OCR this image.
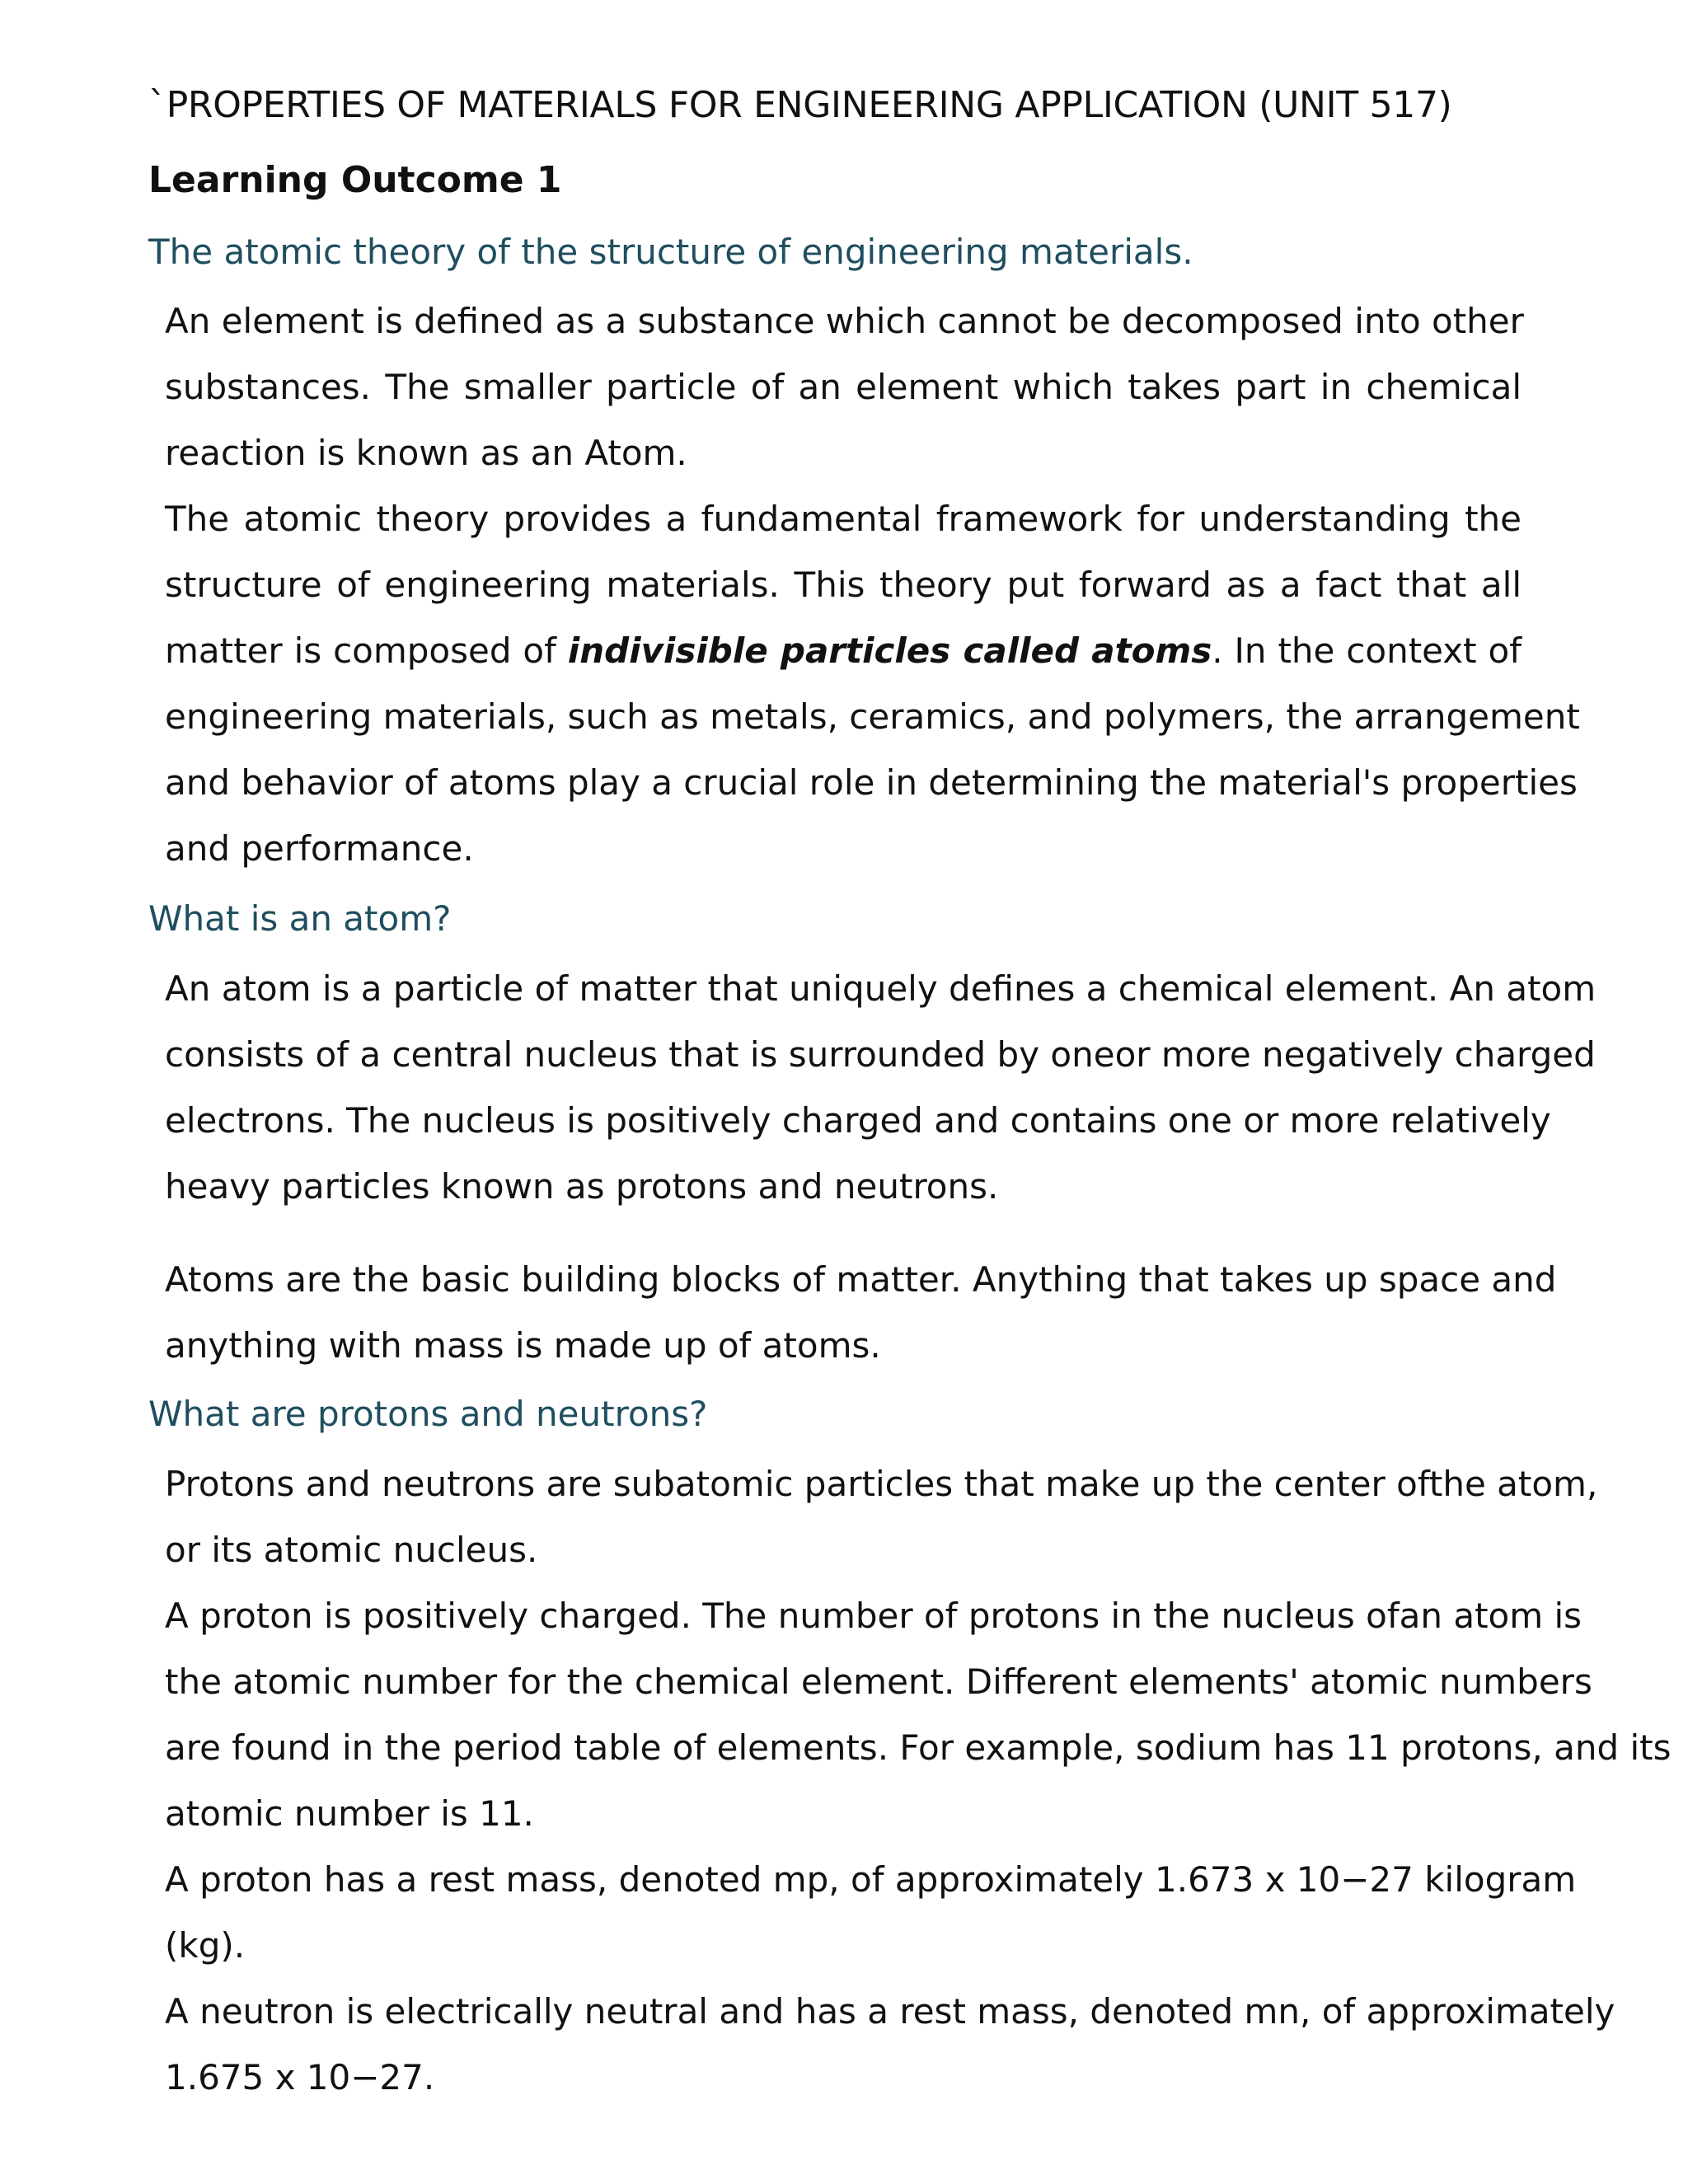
`PROPERTIES OF MATERIALS FOR ENGINEERING APPLICATION (UNIT 517)
Learning Outcome 1
The atomic theory of the structure of engineering materials.
An element is defined as a substance which cannot be decomposed into other
substances. The smaller particle of an element which takes part in chemical
reaction is known as an Atom.
The atomic theory provides a fundamental framework for understanding the
structure of engineering materials. This theory put forward as a fact that all
matter is composed of indivisible particles called atoms. In the context of
engineering materials, such as metals, ceramics, and polymers, the arrangement
and behavior of atoms play a crucial role in determining the material's properties
and performance.
What is an atom?
An atom is a particle of matter that uniquely defines a chemical element. An atom
consists of a central nucleus that is surrounded by oneor more negatively charged
electrons. The nucleus is positively charged and contains one or more relatively
heavy particles known as protons and neutrons.
Atoms are the basic building blocks of matter. Anything that takes up space and
anything with mass is made up of atoms.
What are protons and neutrons?
Protons and neutrons are subatomic particles that make up the center ofthe atom,
or its atomic nucleus.
A proton is positively charged. The number of protons in the nucleus ofan atom is
the atomic number for the chemical element. Different elements' atomic numbers
are found in the period table of elements. For example, sodium has 11 protons, and its
atomic number is 11.
A proton has a rest mass, denoted mp, of approximately 1.673 x 10−27 kilogram
(kg).
A neutron is electrically neutral and has a rest mass, denoted mn, of approximately
1.675 x 10−27.
